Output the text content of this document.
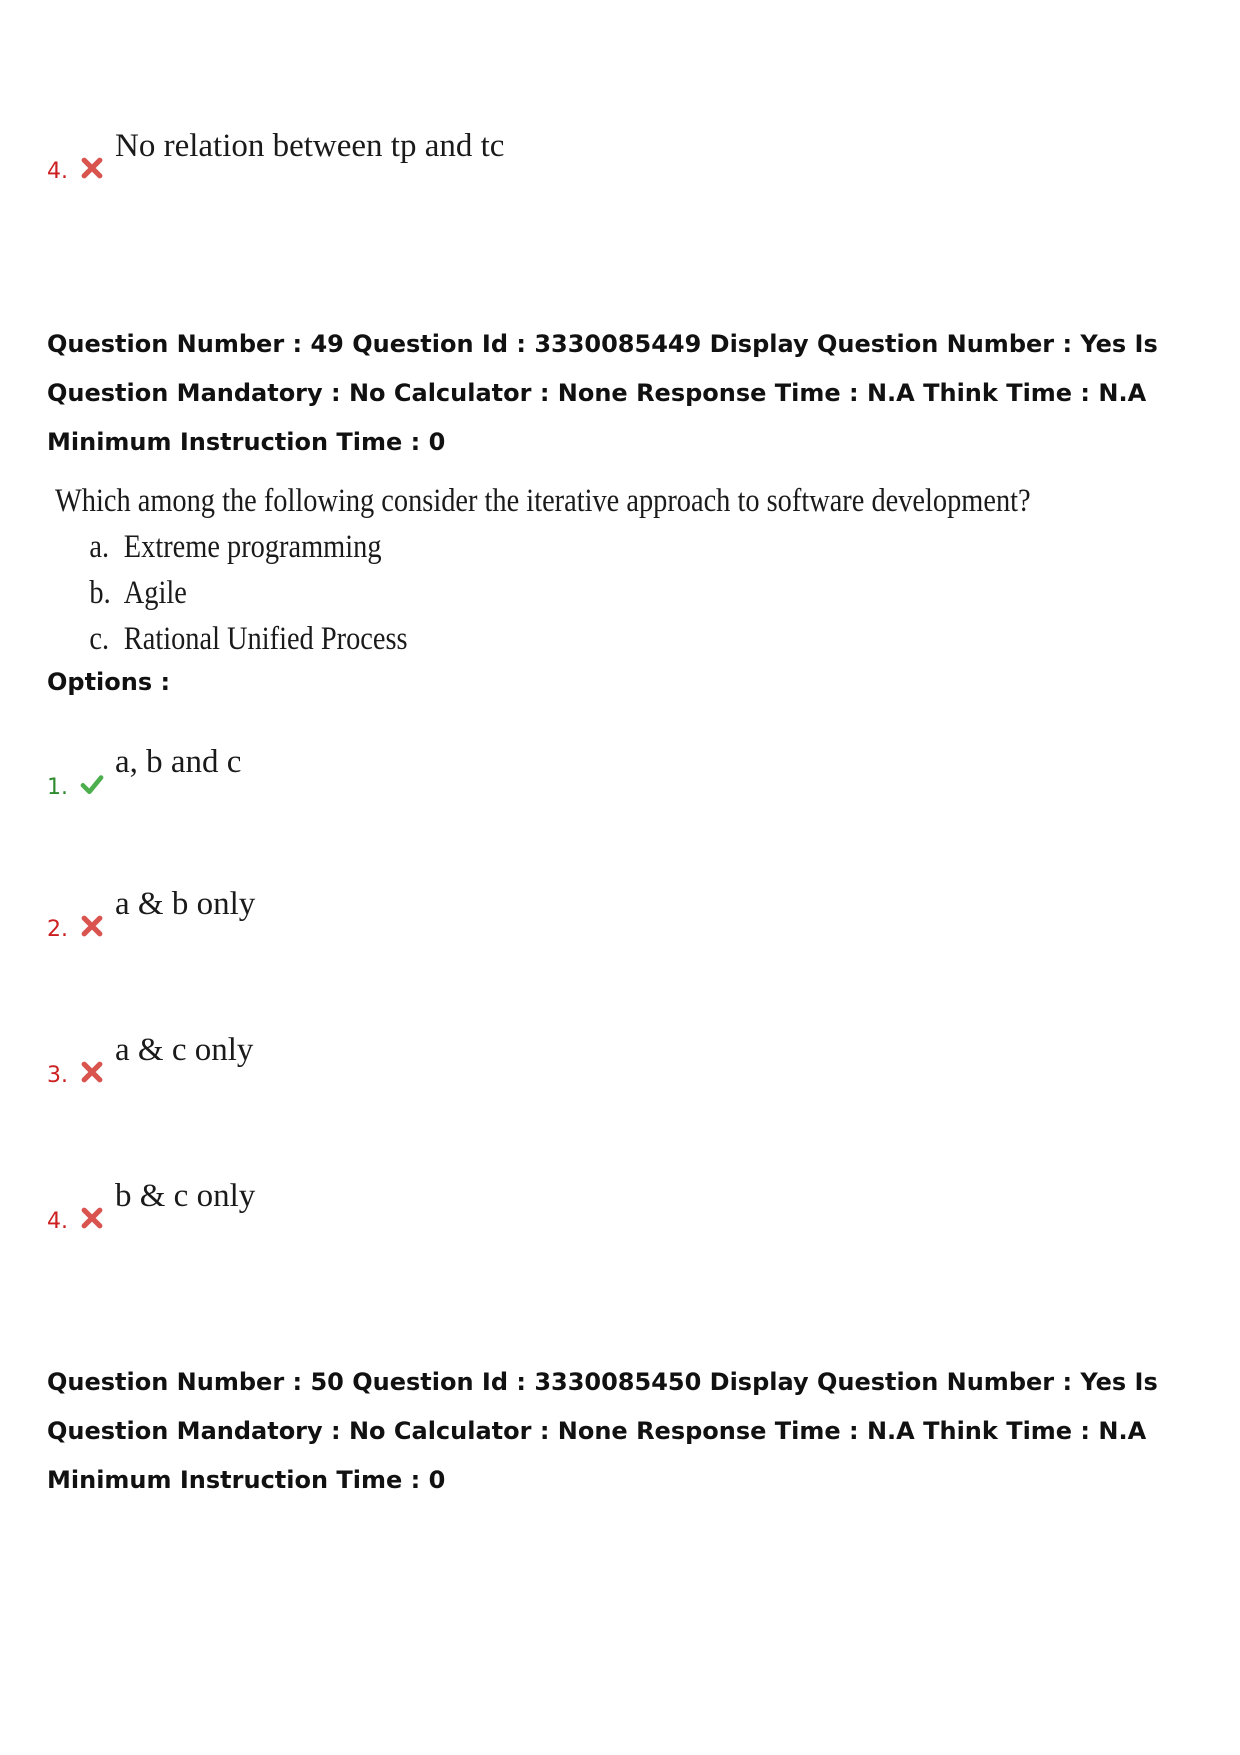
4.
No relation between tp and tc
Question Number : 49 Question Id : 3330085449 Display Question Number : Yes Is Question Mandatory : No Calculator : None Response Time : N.A Think Time : N.A Minimum Instruction Time : 0
Which among the following consider the iterative approach to software development?
a. Extreme programming
b. Agile
c. Rational Unified Process
Options :
1.
a, b and c
2.
a & b only
3.
a & c only
4.
b & c only
Question Number : 50 Question Id : 3330085450 Display Question Number : Yes Is Question Mandatory : No Calculator : None Response Time : N.A Think Time : N.A Minimum Instruction Time : 0
